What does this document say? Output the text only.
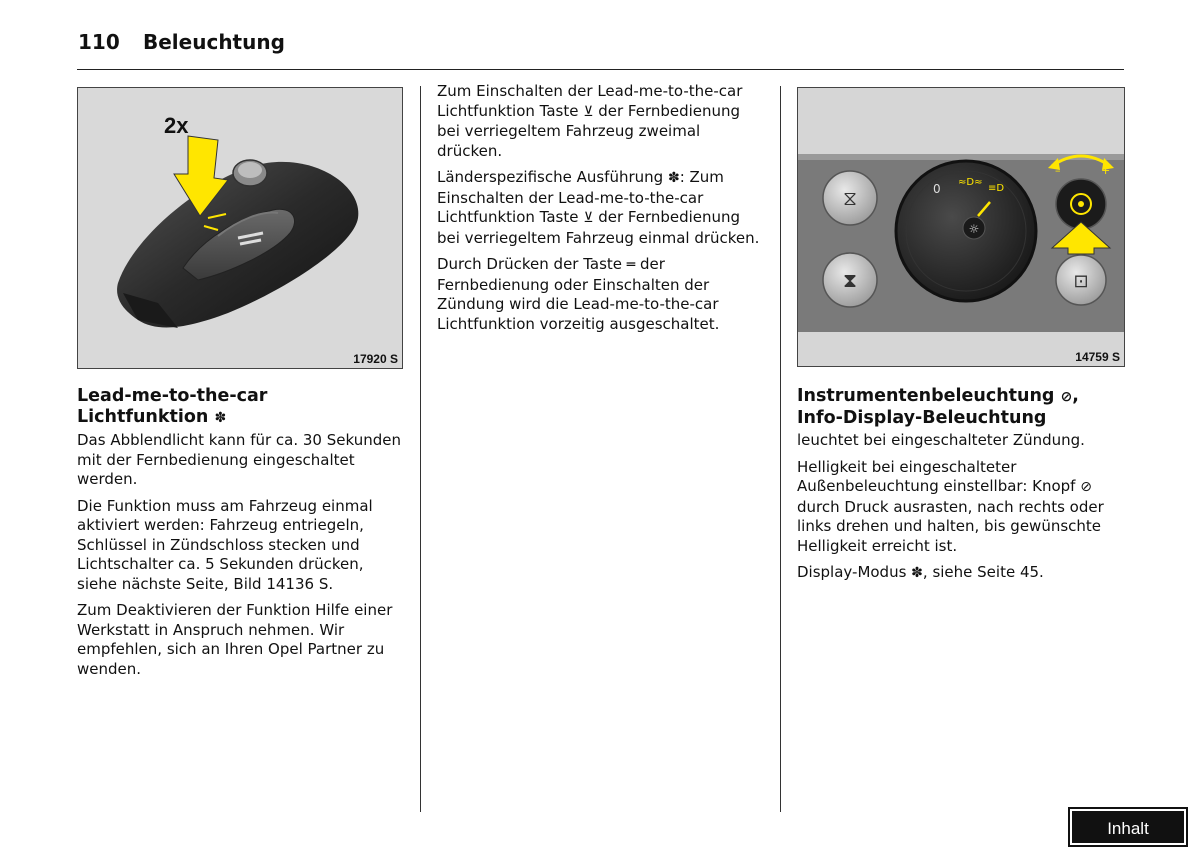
110 Beleuchtung
2x
17920 S
⧖
⧗
0 ≈D≈
≡D
☼
–	+
⊡
14759 S
Lead-me-to-the-car
Lichtfunktion ✽

Das Abblendlicht kann für ca. 30 Sekunden mit der Fernbedienung eingeschaltet werden.

Die Funktion muss am Fahrzeug einmal aktiviert werden: Fahrzeug entriegeln, Schlüssel in Zündschloss stecken und Lichtschalter ca. 5 Sekunden drücken, siehe nächste Seite, Bild 14136 S.

Zum Deaktivieren der Funktion Hilfe einer Werkstatt in Anspruch nehmen. Wir empfehlen, sich an Ihren Opel Partner zu wenden.

Zum Einschalten der Lead-me-to-the-car Lichtfunktion Taste ⊻ der Fernbedienung bei verriegeltem Fahrzeug zweimal drücken.

Länderspezifische Ausführung ✽: Zum Einschalten der Lead-me-to-the-car Lichtfunktion Taste ⊻ der Fernbedienung bei verriegeltem Fahrzeug einmal drücken.

Durch Drücken der Taste ═ der Fernbedienung oder Einschalten der Zündung wird die Lead-me-to-the-car Lichtfunktion vorzeitig ausgeschaltet.

Instrumentenbeleuchtung ⊘,
Info-Display-Beleuchtung

leuchtet bei eingeschalteter Zündung.

Helligkeit bei eingeschalteter Außenbeleuchtung einstellbar: Knopf ⊘ durch Druck ausrasten, nach rechts oder links drehen und halten, bis gewünschte Helligkeit erreicht ist.

Display-Modus ✽, siehe Seite 45.

Inhalt
